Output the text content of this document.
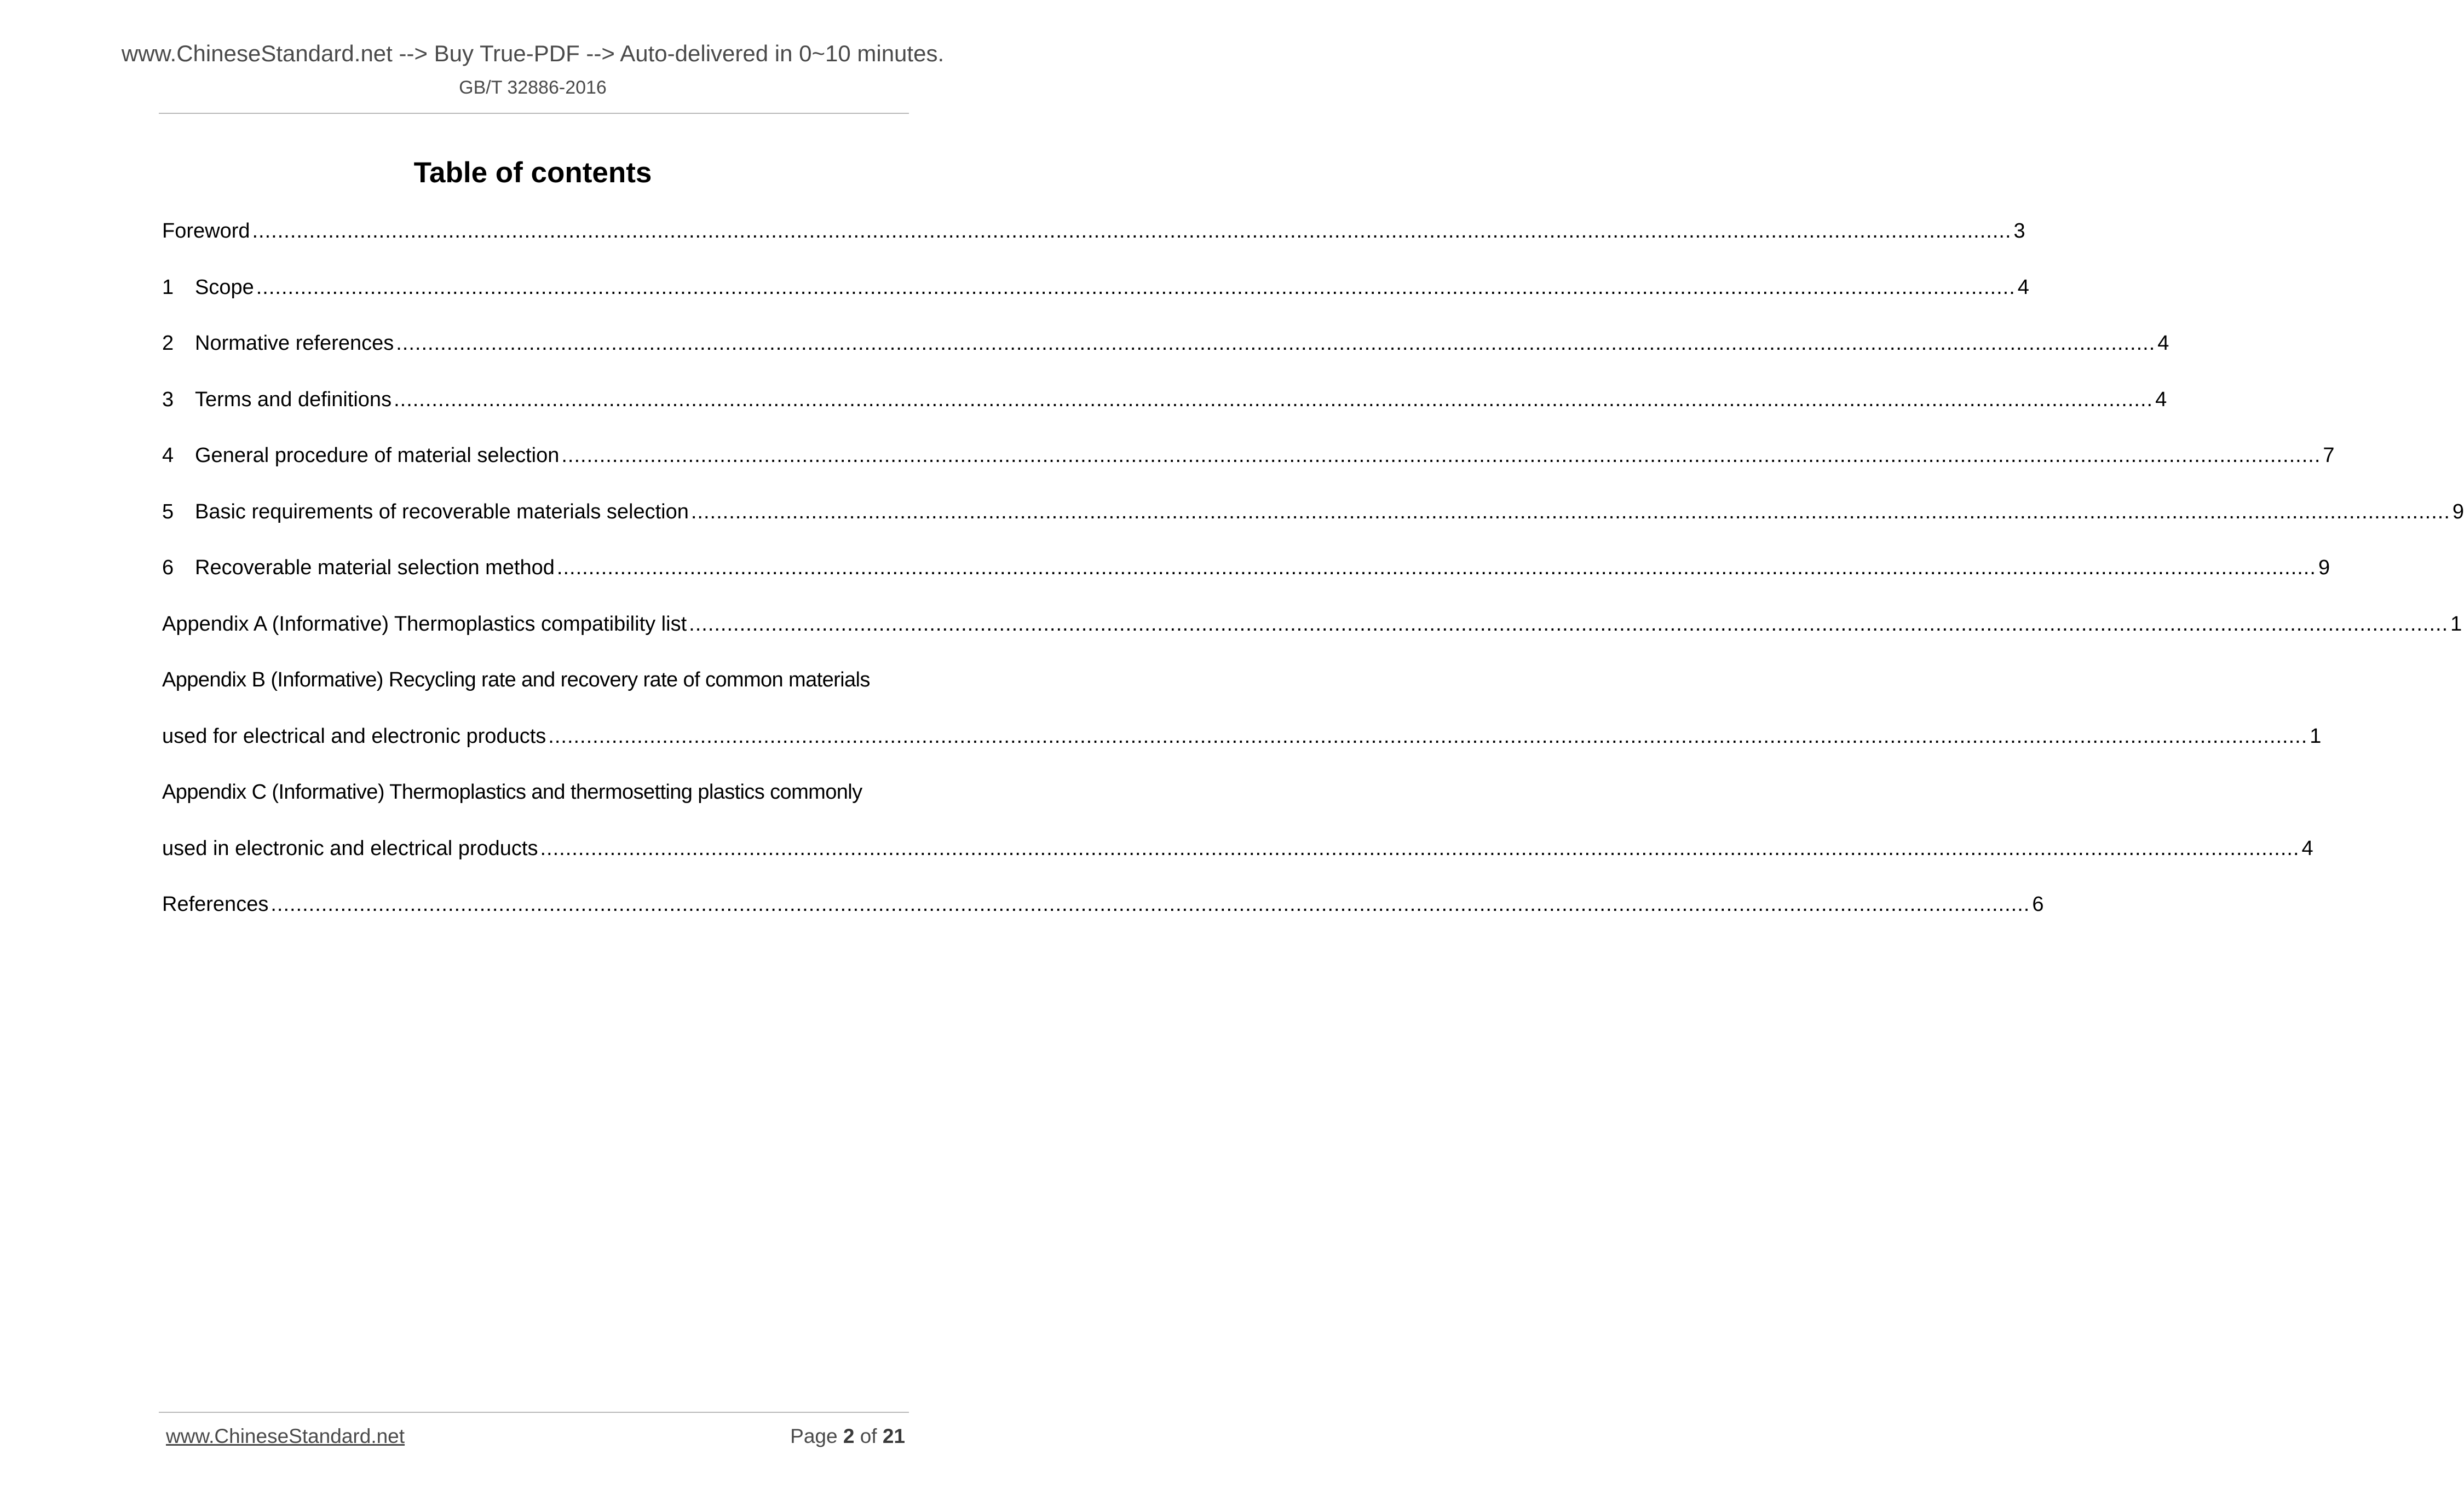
www.ChineseStandard.net --> Buy True-PDF --> Auto-delivered in 0~10 minutes.
GB/T 32886-2016
Table of contents
Foreword ...................................................................................................................................................................................................................................................................................... 3
1	Scope ...................................................................................................................................................................................................................................................................................... 4
2	Normative references ...................................................................................................................................................................................................................................................................................... 4
3	Terms and definitions ...................................................................................................................................................................................................................................................................................... 4
4	General procedure of material selection ...................................................................................................................................................................................................................................................................................... 7
5	Basic requirements of recoverable materials selection ...................................................................................................................................................................................................................................................................................... 9
6	Recoverable material selection method ...................................................................................................................................................................................................................................................................................... 9
Appendix A (Informative) Thermoplastics compatibility list ...................................................................................................................................................................................................................................................................................... 1
Appendix B (Informative) Recycling rate and recovery rate of common materials
used for electrical and electronic products ...................................................................................................................................................................................................................................................................................... 1
Appendix C (Informative) Thermoplastics and thermosetting plastics commonly
used in electronic and electrical products ...................................................................................................................................................................................................................................................................................... 4
References ...................................................................................................................................................................................................................................................................................... 6
www.ChineseStandard.net	Page 2 of 21
